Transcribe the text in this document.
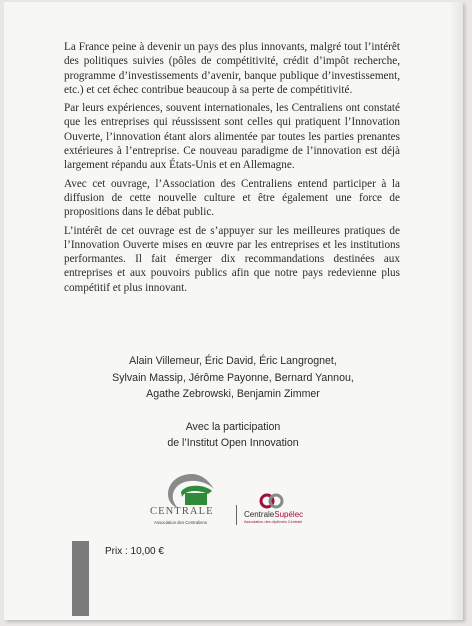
La France peine à devenir un pays des plus innovants, malgré tout l’intérêt des politiques suivies (pôles de compétitivité, crédit d’impôt recherche, programme d’investissements d’avenir, banque publique d’investissement, etc.) et cet échec contribue beaucoup à sa perte de compétitivité.

Par leurs expériences, souvent internationales, les Centraliens ont constaté que les entreprises qui réussissent sont celles qui pratiquent l’Innovation Ouverte, l’innovation étant alors alimentée par toutes les parties prenantes extérieures à l’entreprise. Ce nouveau paradigme de l’innovation est déjà largement répandu aux États-Unis et en Allemagne.

Avec cet ouvrage, l’Association des Centraliens entend participer à la diffusion de cette nouvelle culture et être également une force de propositions dans le débat public.

L’intérêt de cet ouvrage est de s’appuyer sur les meilleures pratiques de l’Innovation Ouverte mises en œuvre par les entreprises et les institutions performantes. Il fait émerger dix recommandations destinées aux entreprises et aux pouvoirs publics afin que notre pays redevienne plus compétitif et plus innovant.

Alain Villemeur, Éric David, Éric Langrognet,
Sylvain Massip, Jérôme Payonne, Bernard Yannou,
Agathe Zebrowski, Benjamin Zimmer
Avec la participation
de l’Institut Open Innovation
CENTRALE
Association des Centraliens
CentraleSupélec
Association des diplômés Centrale
Prix : 10,00 €
